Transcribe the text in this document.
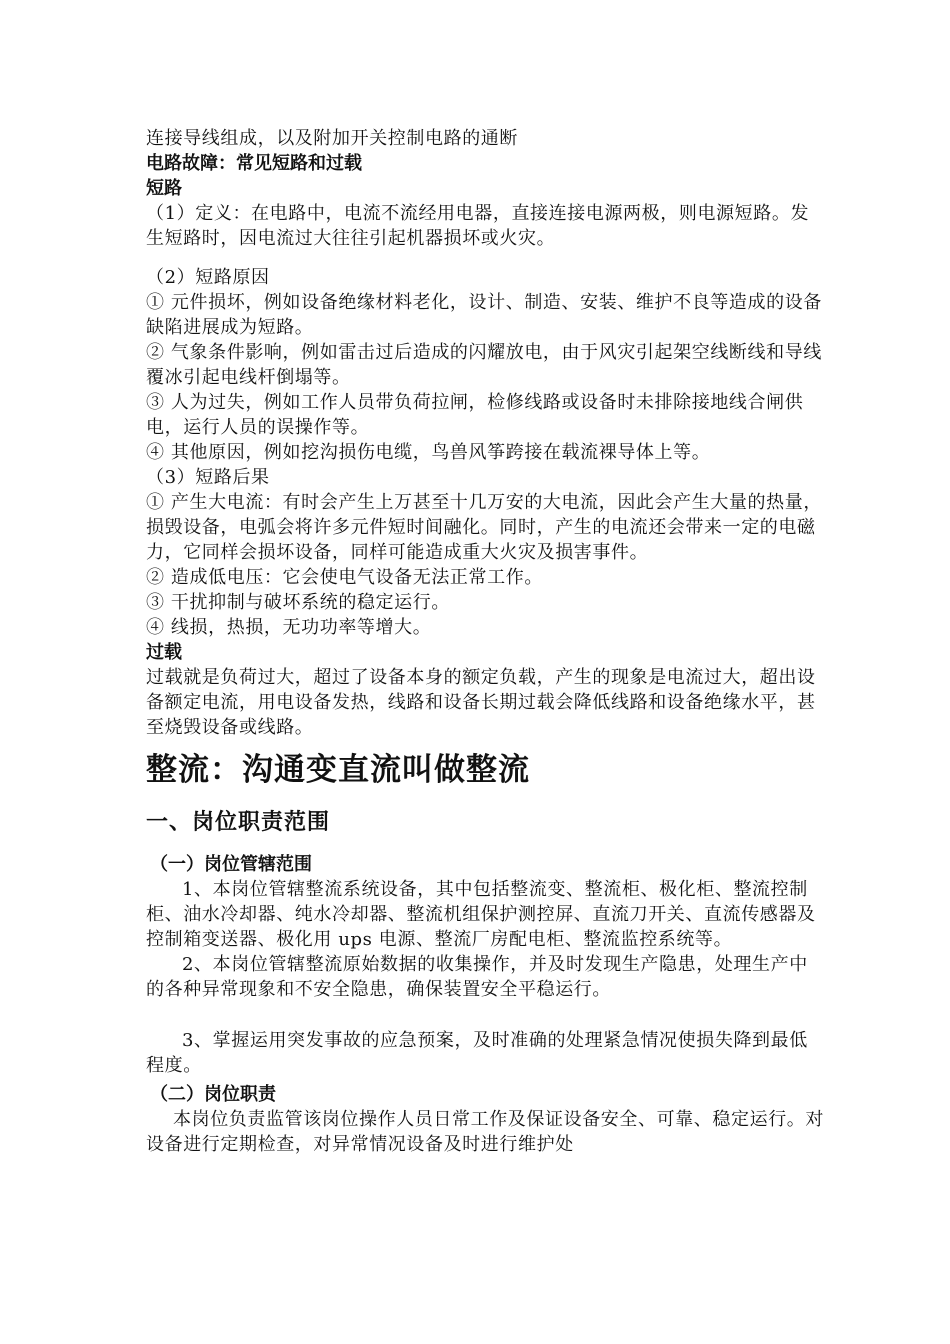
连接导线组成，以及附加开关控制电路的通断

电路故障：常见短路和过载

短路

（1）定义：在电路中，电流不流经用电器，直接连接电源两极，则电源短路。发生短路时，因电流过大往往引起机器损坏或火灾。

（2）短路原因

① 元件损坏，例如设备绝缘材料老化，设计、制造、安装、维护不良等造成的设备缺陷进展成为短路。

② 气象条件影响，例如雷击过后造成的闪耀放电，由于风灾引起架空线断线和导线覆冰引起电线杆倒塌等。

③ 人为过失，例如工作人员带负荷拉闸，检修线路或设备时未排除接地线合闸供电，运行人员的误操作等。

④ 其他原因，例如挖沟损伤电缆，鸟兽风筝跨接在载流裸导体上等。

（3）短路后果

① 产生大电流：有时会产生上万甚至十几万安的大电流，因此会产生大量的热量，损毁设备，电弧会将许多元件短时间融化。同时，产生的电流还会带来一定的电磁力，它同样会损坏设备，同样可能造成重大火灾及损害事件。

② 造成低电压：它会使电气设备无法正常工作。

③ 干扰抑制与破坏系统的稳定运行。

④ 线损，热损，无功功率等增大。

过载

过载就是负荷过大，超过了设备本身的额定负载，产生的现象是电流过大，超出设备额定电流，用电设备发热，线路和设备长期过载会降低线路和设备绝缘水平，甚至烧毁设备或线路。

整流：沟通变直流叫做整流

一、岗位职责范围

（一）岗位管辖范围

1、本岗位管辖整流系统设备，其中包括整流变、整流柜、极化柜、整流控制柜、油水冷却器、纯水冷却器、整流机组保护测控屏、直流刀开关、直流传感器及控制箱变送器、极化用 ups 电源、整流厂房配电柜、整流监控系统等。

2、本岗位管辖整流原始数据的收集操作，并及时发现生产隐患，处理生产中的各种异常现象和不安全隐患，确保装置安全平稳运行。

3、掌握运用突发事故的应急预案，及时准确的处理紧急情况使损失降到最低程度。

（二）岗位职责

本岗位负责监管该岗位操作人员日常工作及保证设备安全、可靠、稳定运行。对设备进行定期检查，对异常情况设备及时进行维护处
